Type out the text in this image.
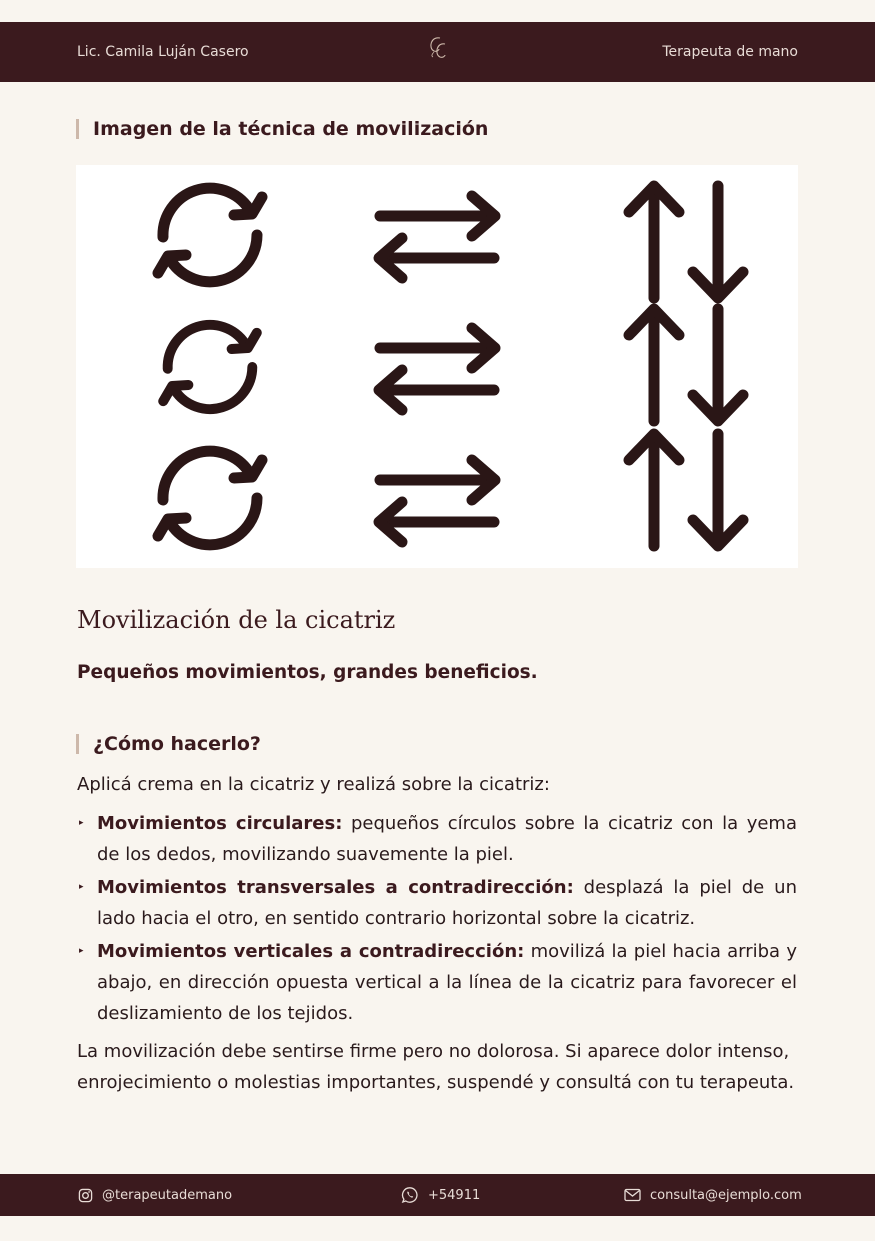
Lic. Camila Luján Casero	Terapeuta de mano
Imagen de la técnica de movilización
Movilización de la cicatriz
Pequeños movimientos, grandes beneficios.
¿Cómo hacerlo?
Aplicá crema en la cicatriz y realizá sobre la cicatriz:
▸ Movimientos circulares: pequeños círculos sobre la cicatriz con la yema de los dedos, movilizando suavemente la piel.
▸ Movimientos transversales a contradirección: desplazá la piel de un lado hacia el otro, en sentido contrario horizontal sobre la cicatriz.
▸ Movimientos verticales a contradirección: movilizá la piel hacia arriba y abajo, en dirección opuesta vertical a la línea de la cicatriz para favorecer el deslizamiento de los tejidos.
La movilización debe sentirse firme pero no dolorosa. Si aparece dolor intenso, enrojecimiento o molestias importantes, suspendé y consultá con tu terapeuta.
@terapeutademano	+54911	consulta@ejemplo.com
